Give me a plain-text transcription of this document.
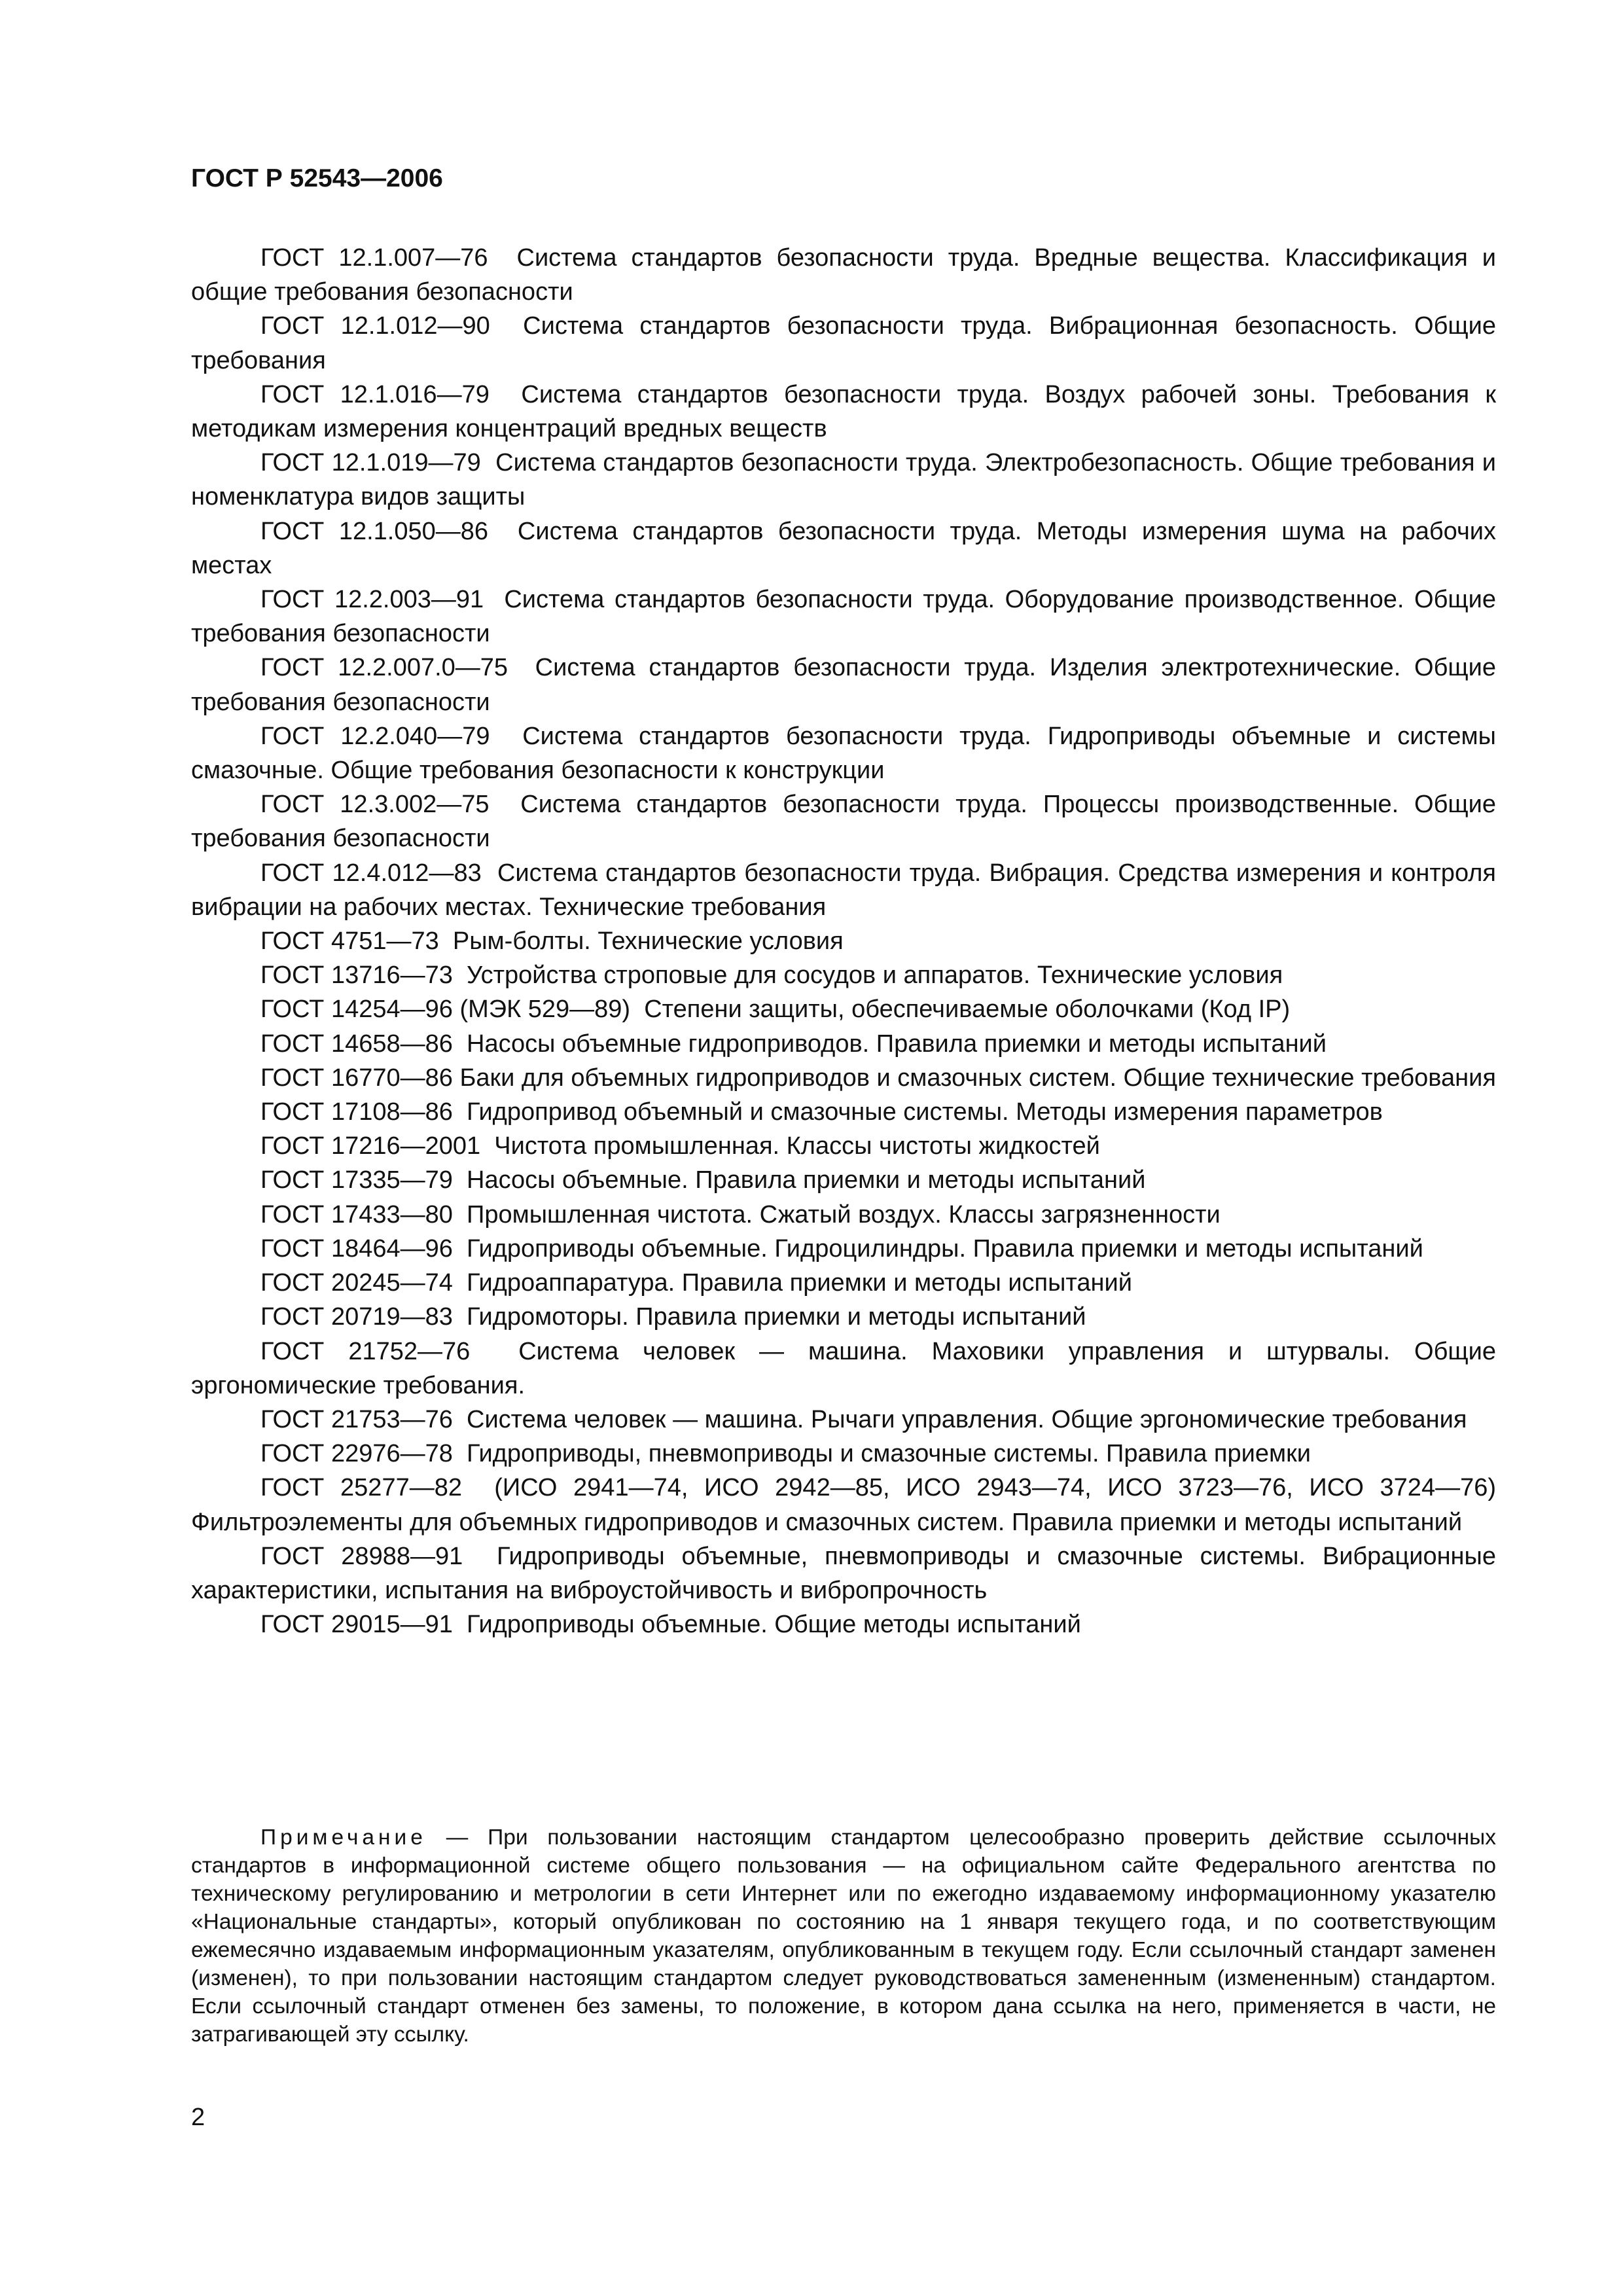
ГОСТ Р 52543—2006

ГОСТ 12.1.007—76  Система стандартов безопасности труда. Вредные вещества. Классификация и общие требования безопасности

ГОСТ 12.1.012—90  Система стандартов безопасности труда. Вибрационная безопасность. Общие требования

ГОСТ 12.1.016—79  Система стандартов безопасности труда. Воздух рабочей зоны. Требования к методикам измерения концентраций вредных веществ

ГОСТ 12.1.019—79  Система стандартов безопасности труда. Электробезопасность. Общие требования и номенклатура видов защиты

ГОСТ 12.1.050—86  Система стандартов безопасности труда. Методы измерения шума на рабочих местах

ГОСТ 12.2.003—91  Система стандартов безопасности труда. Оборудование производственное. Общие требования безопасности

ГОСТ 12.2.007.0—75  Система стандартов безопасности труда. Изделия электротехнические. Общие требования безопасности

ГОСТ 12.2.040—79  Система стандартов безопасности труда. Гидроприводы объемные и системы смазочные. Общие требования безопасности к конструкции

ГОСТ 12.3.002—75  Система стандартов безопасности труда. Процессы производственные. Общие требования безопасности

ГОСТ 12.4.012—83  Система стандартов безопасности труда. Вибрация. Средства измерения и контроля вибрации на рабочих местах. Технические требования

ГОСТ 4751—73  Рым-болты. Технические условия

ГОСТ 13716—73  Устройства строповые для сосудов и аппаратов. Технические условия

ГОСТ 14254—96 (МЭК 529—89)  Степени защиты, обеспечиваемые оболочками (Код IP)

ГОСТ 14658—86  Насосы объемные гидроприводов. Правила приемки и методы испытаний

ГОСТ 16770—86 Баки для объемных гидроприводов и смазочных систем. Общие технические требования

ГОСТ 17108—86  Гидропривод объемный и смазочные системы. Методы измерения параметров

ГОСТ 17216—2001  Чистота промышленная. Классы чистоты жидкостей

ГОСТ 17335—79  Насосы объемные. Правила приемки и методы испытаний

ГОСТ 17433—80  Промышленная чистота. Сжатый воздух. Классы загрязненности

ГОСТ 18464—96  Гидроприводы объемные. Гидроцилиндры. Правила приемки и методы испытаний

ГОСТ 20245—74  Гидроаппаратура. Правила приемки и методы испытаний

ГОСТ 20719—83  Гидромоторы. Правила приемки и методы испытаний

ГОСТ 21752—76  Система человек — машина. Маховики управления и штурвалы. Общие эргономические требования.

ГОСТ 21753—76  Система человек — машина. Рычаги управления. Общие эргономические требования

ГОСТ 22976—78  Гидроприводы, пневмоприводы и смазочные системы. Правила приемки

ГОСТ 25277—82  (ИСО 2941—74, ИСО 2942—85, ИСО 2943—74, ИСО 3723—76, ИСО 3724—76) Фильтроэлементы для объемных гидроприводов и смазочных систем. Правила приемки и методы испытаний

ГОСТ 28988—91  Гидроприводы объемные, пневмоприводы и смазочные системы. Вибрационные характеристики, испытания на виброустойчивость и вибропрочность

ГОСТ 29015—91  Гидроприводы объемные. Общие методы испытаний

Примечание — При пользовании настоящим стандартом целесообразно проверить действие ссылочных стандартов в информационной системе общего пользования — на официальном сайте Федерального агентства по техническому регулированию и метрологии в сети Интернет или по ежегодно издаваемому информационному указателю «Национальные стандарты», который опубликован по состоянию на 1 января текущего года, и по соответствующим ежемесячно издаваемым информационным указателям, опубликованным в текущем году. Если ссылочный стандарт заменен (изменен), то при пользовании настоящим стандартом следует руководствоваться замененным (измененным) стандартом. Если ссылочный стандарт отменен без замены, то положение, в котором дана ссылка на него, применяется в части, не затрагивающей эту ссылку.

2
